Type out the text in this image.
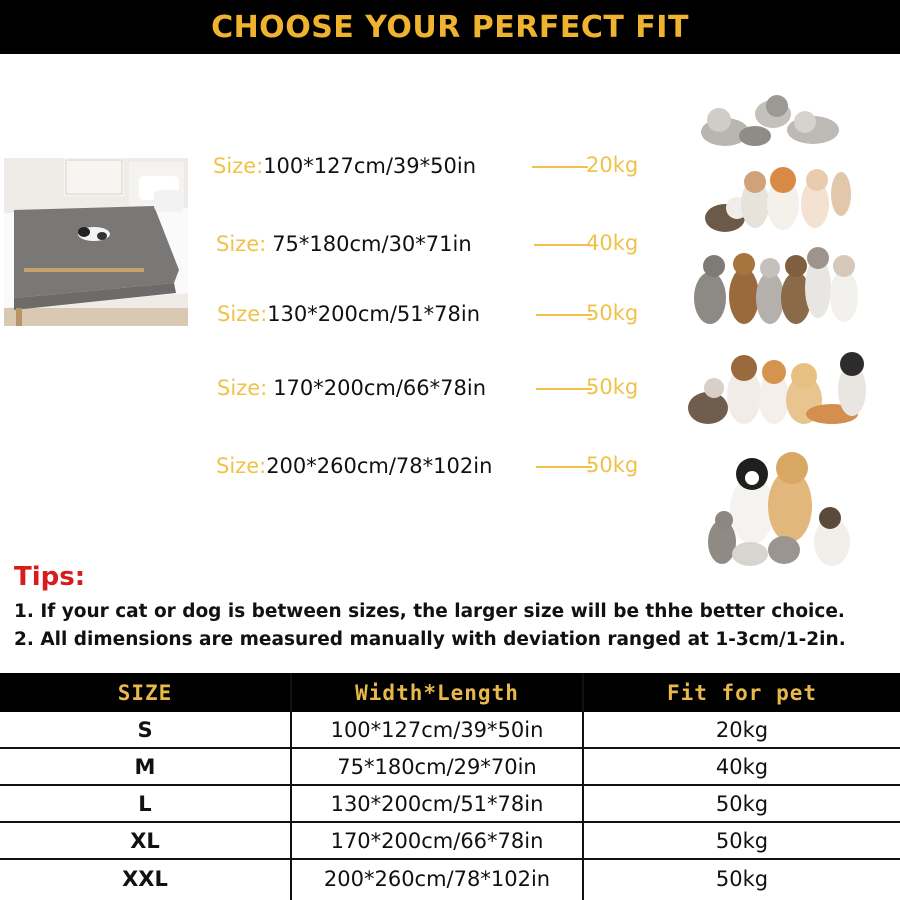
CHOOSE YOUR PERFECT FIT
Size: 100*127cm/39*50in	20kg
Size: 75*180cm/30*71in	40kg
Size: 130*200cm/51*78in	50kg
Size: 170*200cm/66*78in	50kg
Size: 200*260cm/78*102in	50kg
Tips:
1. If your cat or dog is between sizes, the larger size will be thhe better choice.
2. All dimensions are measured manually with deviation ranged at 1-3cm/1-2in.
SIZE	Width*Length	Fit for pet
S	100*127cm/39*50in	20kg
M	75*180cm/29*70in	40kg
L	130*200cm/51*78in	50kg
XL	170*200cm/66*78in	50kg
XXL	200*260cm/78*102in	50kg
